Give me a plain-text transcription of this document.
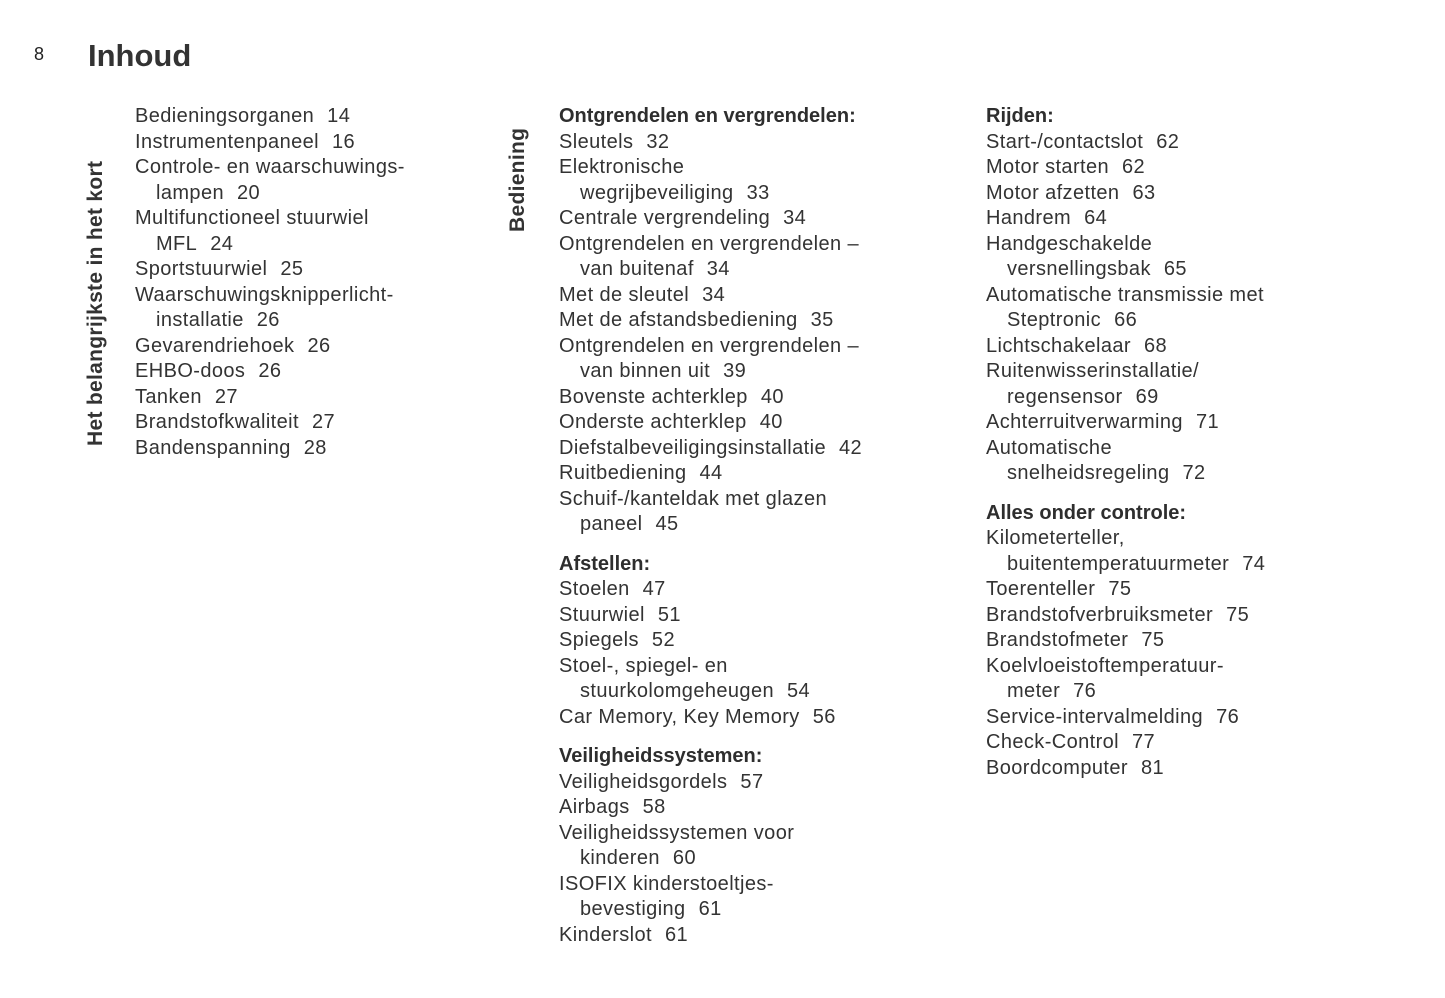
8 Inhoud
Het belangrijkste in het kort	Bediening
Bedieningsorganen 14
Instrumentenpaneel 16
Controle- en waarschuwings-
lampen 20
Multifunctioneel stuurwiel
MFL 24
Sportstuurwiel 25
Waarschuwingsknipperlicht-
installatie 26
Gevarendriehoek 26
EHBO-doos 26
Tanken 27
Brandstofkwaliteit 27
Bandenspanning 28
Ontgrendelen en vergrendelen:
Sleutels 32
Elektronische
wegrijbeveiliging 33
Centrale vergrendeling 34
Ontgrendelen en vergrendelen –
van buitenaf 34
Met de sleutel 34
Met de afstandsbediening 35
Ontgrendelen en vergrendelen –
van binnen uit 39
Bovenste achterklep 40
Onderste achterklep 40
Diefstalbeveiligingsinstallatie 42
Ruitbediening 44
Schuif-/kanteldak met glazen
paneel 45
Afstellen:
Stoelen 47
Stuurwiel 51
Spiegels 52
Stoel-, spiegel- en
stuurkolomgeheugen 54
Car Memory, Key Memory 56
Veiligheidssystemen:
Veiligheidsgordels 57
Airbags 58
Veiligheidssystemen voor
kinderen 60
ISOFIX kinderstoeltjes-
bevestiging 61
Kinderslot 61
Rijden:
Start-/contactslot 62
Motor starten 62
Motor afzetten 63
Handrem 64
Handgeschakelde
versnellingsbak 65
Automatische transmissie met
Steptronic 66
Lichtschakelaar 68
Ruitenwisserinstallatie/
regensensor 69
Achterruitverwarming 71
Automatische
snelheidsregeling 72
Alles onder controle:
Kilometerteller,
buitentemperatuurmeter 74
Toerenteller 75
Brandstofverbruiksmeter 75
Brandstofmeter 75
Koelvloeistoftemperatuur-
meter 76
Service-intervalmelding 76
Check-Control 77
Boordcomputer 81
